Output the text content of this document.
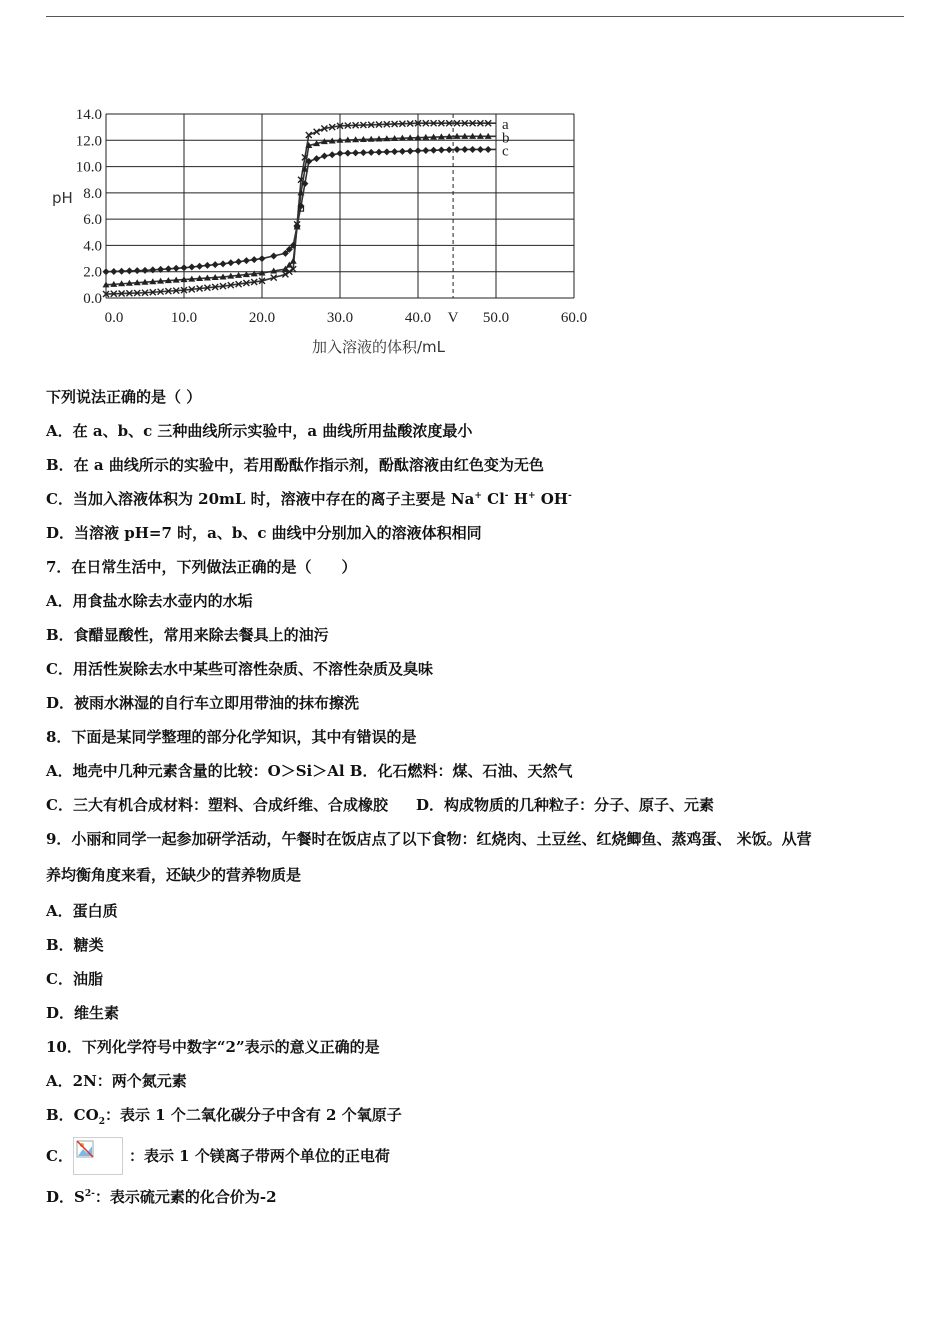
14.0
12.0
10.0
8.0
6.0
4.0
2.0
0.0
0.0	10.0	20.0	30.0	40.0 V 50.0	60.0
pH
加入溶液的体积/mL
a
b
c
下列说法正确的是（ ）
A．在 a、b、c 三种曲线所示实验中，a 曲线所用盐酸浓度最小
B．在 a 曲线所示的实验中，若用酚酞作指示剂，酚酞溶液由红色变为无色
C．当加入溶液体积为 20mL 时，溶液中存在的离子主要是 Na+ Cl- H+ OH-
D．当溶液 pH=7 时，a、b、c 曲线中分别加入的溶液体积相同
7．在日常生活中，下列做法正确的是（　　）
A．用食盐水除去水壶内的水垢
B．食醋显酸性，常用来除去餐具上的油污
C．用活性炭除去水中某些可溶性杂质、不溶性杂质及臭味
D．被雨水淋湿的自行车立即用带油的抹布擦洗
8．下面是某同学整理的部分化学知识，其中有错误的是
A．地壳中几种元素含量的比较：O＞Si＞Al B．化石燃料：煤、石油、天然气
C．三大有机合成材料：塑料、合成纤维、合成橡胶 D．构成物质的几种粒子：分子、原子、元素
9．小丽和同学一起参加研学活动，午餐时在饭店点了以下食物：红烧肉、土豆丝、红烧鲫鱼、蒸鸡蛋、 米饭。从营
养均衡角度来看，还缺少的营养物质是
A．蛋白质
B．糖类
C．油脂
D．维生素
10．下列化学符号中数字“2”表示的意义正确的是
A．2N：两个氮元素
B．$CO_2$：表示 1 个二氧化碳分子中含有 2 个氧原子
C．	：表示 1 个镁离子带两个单位的正电荷
D．$S^{2-}$：表示硫元素的化合价为-2
